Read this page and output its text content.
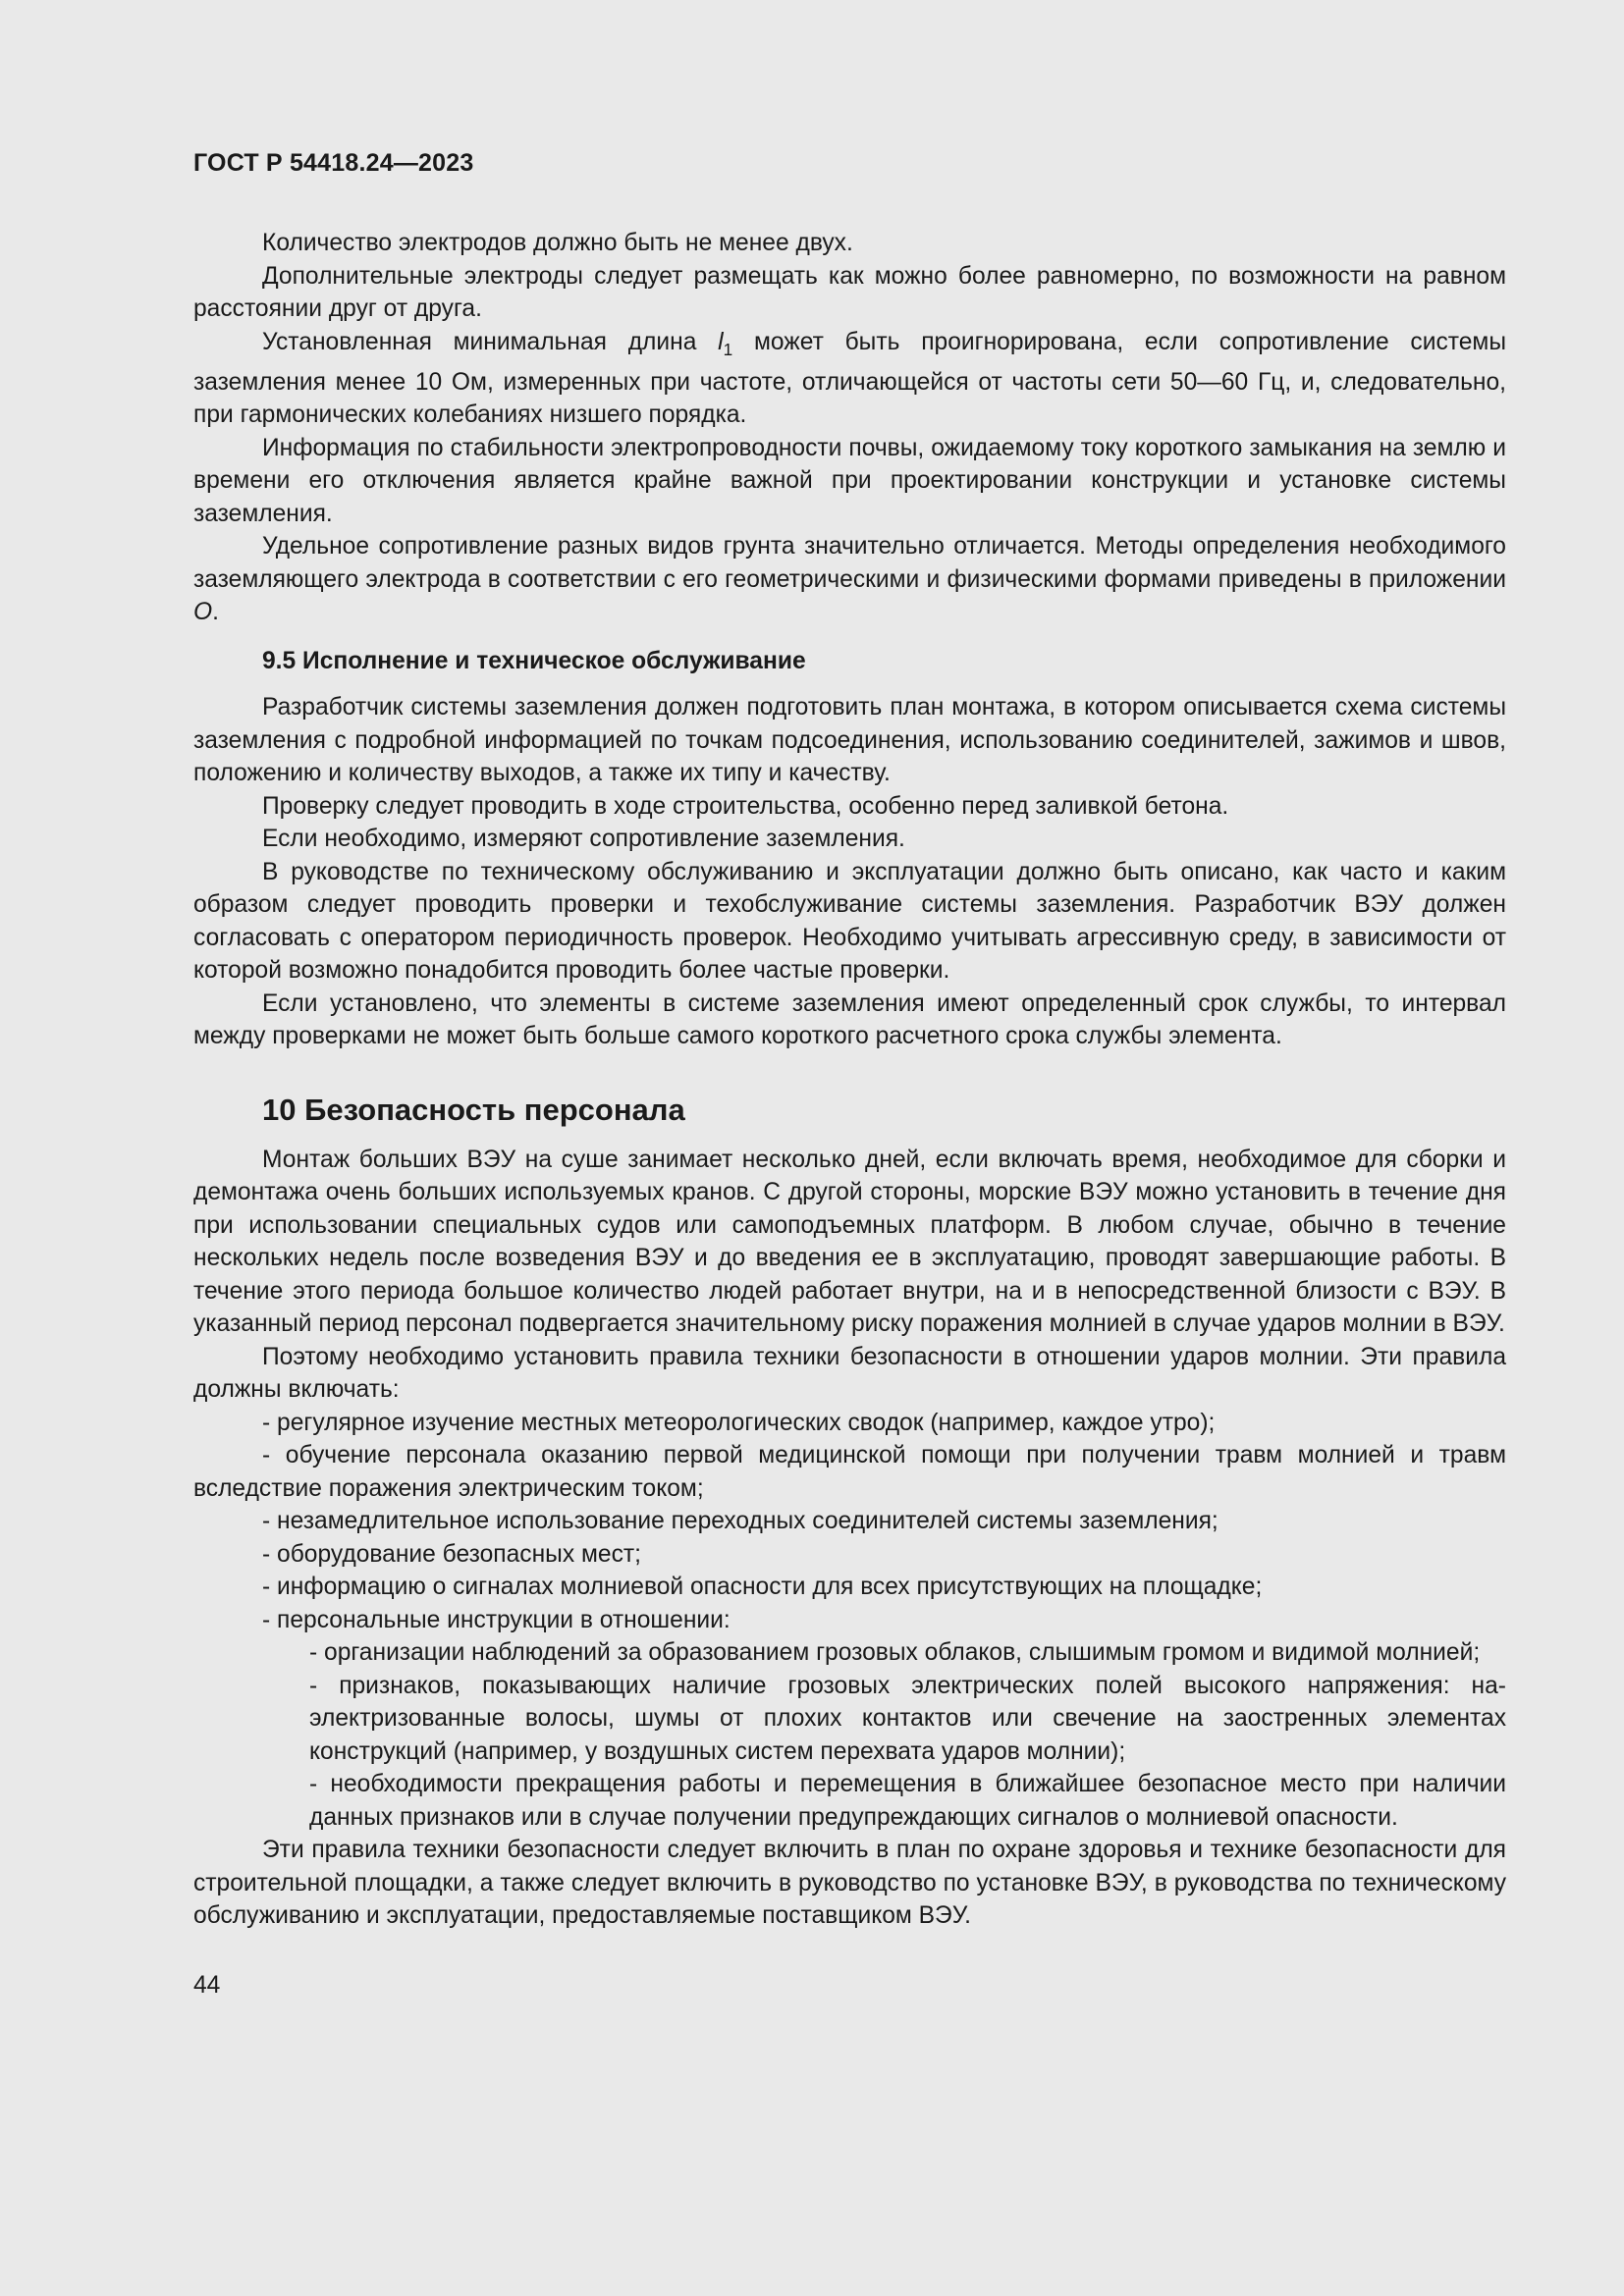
ГОСТ Р 54418.24—2023

Количество электродов должно быть не менее двух.

Дополнительные электроды следует размещать как можно более равномерно, по возможности на равном расстоянии друг от друга.

Установленная минимальная длина $l_1$ может быть проигнорирована, если сопротивление системы заземления менее 10 Ом, измеренных при частоте, отличающейся от частоты сети 50—60 Гц, и, следовательно, при гармонических колебаниях низшего порядка.

Информация по стабильности электропроводности почвы, ожидаемому току короткого замыкания на землю и времени его отключения является крайне важной при проектировании конструкции и установке системы заземления.

Удельное сопротивление разных видов грунта значительно отличается. Методы определения необходимого заземляющего электрода в соответствии с его геометрическими и физическими формами приведены в приложении О.

9.5 Исполнение и техническое обслуживание

Разработчик системы заземления должен подготовить план монтажа, в котором описывается схема системы заземления с подробной информацией по точкам подсоединения, использованию соединителей, зажимов и швов, положению и количеству выходов, а также их типу и качеству.

Проверку следует проводить в ходе строительства, особенно перед заливкой бетона.

Если необходимо, измеряют сопротивление заземления.

В руководстве по техническому обслуживанию и эксплуатации должно быть описано, как часто и каким образом следует проводить проверки и техобслуживание системы заземления. Разработчик ВЭУ должен согласовать с оператором периодичность проверок. Необходимо учитывать агрессивную среду, в зависимости от которой возможно понадобится проводить более частые проверки.

Если установлено, что элементы в системе заземления имеют определенный срок службы, то интервал между проверками не может быть больше самого короткого расчетного срока службы элемента.

10 Безопасность персонала

Монтаж больших ВЭУ на суше занимает несколько дней, если включать время, необходимое для сборки и демонтажа очень больших используемых кранов. С другой стороны, морские ВЭУ можно установить в течение дня при использовании специальных судов или самоподъемных платформ. В любом случае, обычно в течение нескольких недель после возведения ВЭУ и до введения ее в эксплуатацию, проводят завершающие работы. В течение этого периода большое количество людей работает внутри, на и в непосредственной близости с ВЭУ. В указанный период персонал подвергается значительному риску поражения молнией в случае ударов молнии в ВЭУ.

Поэтому необходимо установить правила техники безопасности в отношении ударов молнии. Эти правила должны включать:

- регулярное изучение местных метеорологических сводок (например, каждое утро);

- обучение персонала оказанию первой медицинской помощи при получении травм молнией и травм вследствие поражения электрическим током;

- незамедлительное использование переходных соединителей системы заземления;

- оборудование безопасных мест;

- информацию о сигналах молниевой опасности для всех присутствующих на площадке;

- персональные инструкции в отношении:

- организации наблюдений за образованием грозовых облаков, слышимым громом и видимой молнией;

- признаков, показывающих наличие грозовых электрических полей высокого напряжения: наэлектризованные волосы, шумы от плохих контактов или свечение на заостренных элементах конструкций (например, у воздушных систем перехвата ударов молнии);

- необходимости прекращения работы и перемещения в ближайшее безопасное место при наличии данных признаков или в случае получении предупреждающих сигналов о молниевой опасности.

Эти правила техники безопасности следует включить в план по охране здоровья и технике безопасности для строительной площадки, а также следует включить в руководство по установке ВЭУ, в руководства по техническому обслуживанию и эксплуатации, предоставляемые поставщиком ВЭУ.

44
